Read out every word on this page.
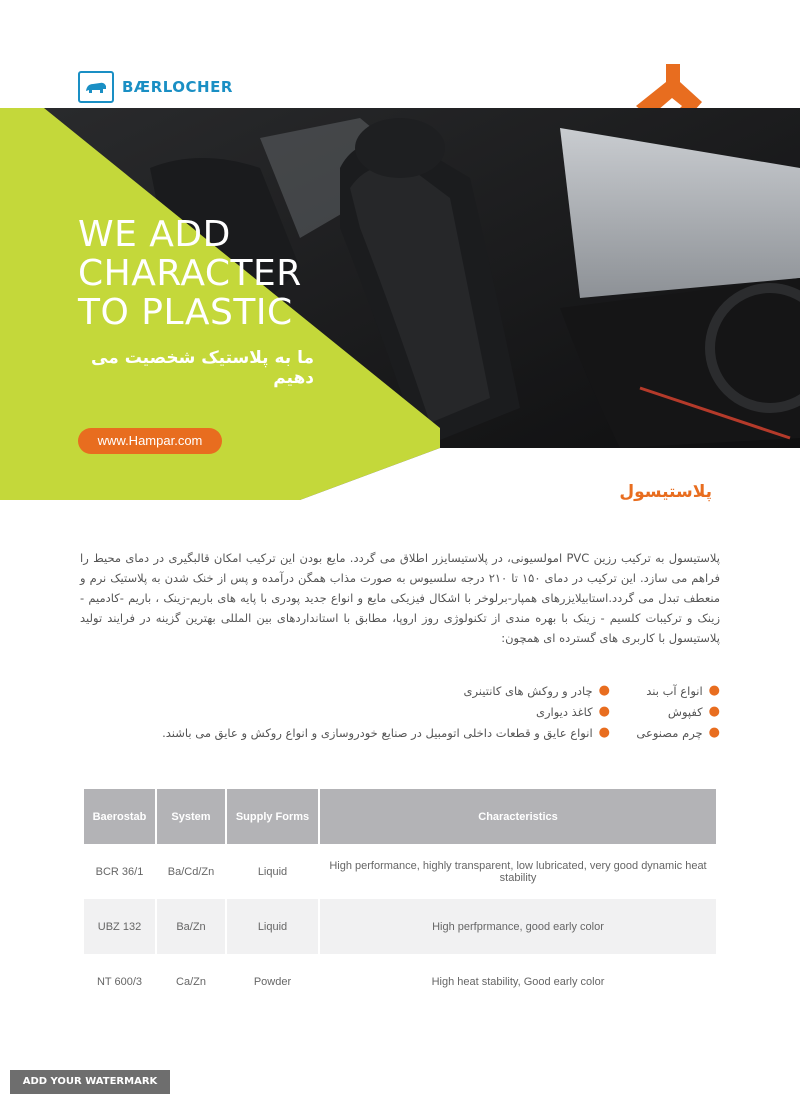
BÆRLOCHER
WE ADD
CHARACTER
TO PLASTIC
ما به پلاستیک شخصیت می دهیم
www.Hampar.com
پلاستیسول
پلاستیسول به ترکیب رزین PVC امولسیونی، در پلاستیسایزر اطلاق می گردد. مایع بودن این ترکیب امکان قالبگیری در دمای محیط را فراهم می سازد. این ترکیب در دمای ۱۵۰ تا ۲۱۰ درجه سلسیوس به صورت مذاب همگن درآمده و پس از خنک شدن به پلاستیک نرم و منعطف تبدل می گردد.استابیلایزرهای همپار-برلوخر با اشکال فیزیکی مایع و انواع جدید پودری با پایه های باریم-زینک ، باریم -کادمیم - زینک و ترکیبات کلسیم - زینک با بهره مندی از تکنولوژی روز اروپا، مطابق با استانداردهای بین المللی بهترین گزینه در فرایند تولید پلاستیسول با کاربری های گسترده ای همچون:
●
انواع آب بند
●
چادر و روکش های کانتینری
●
کفپوش
●
کاغذ دیواری
●
چرم مصنوعی
●
انواع عایق و قطعات داخلی اتومبیل در صنایع خودروسازی و انواع روکش و عایق می باشند.
Baerostab	System	Supply Forms	Characteristics
BCR 36/1	Ba/Cd/Zn	Liquid	High performance, highly transparent, low lubricated, very good dynamic heat stability
UBZ 132	Ba/Zn	Liquid	High perfprmance, good early color
NT 600/3	Ca/Zn	Powder	High heat stability, Good early color
ADD YOUR WATERMARK
